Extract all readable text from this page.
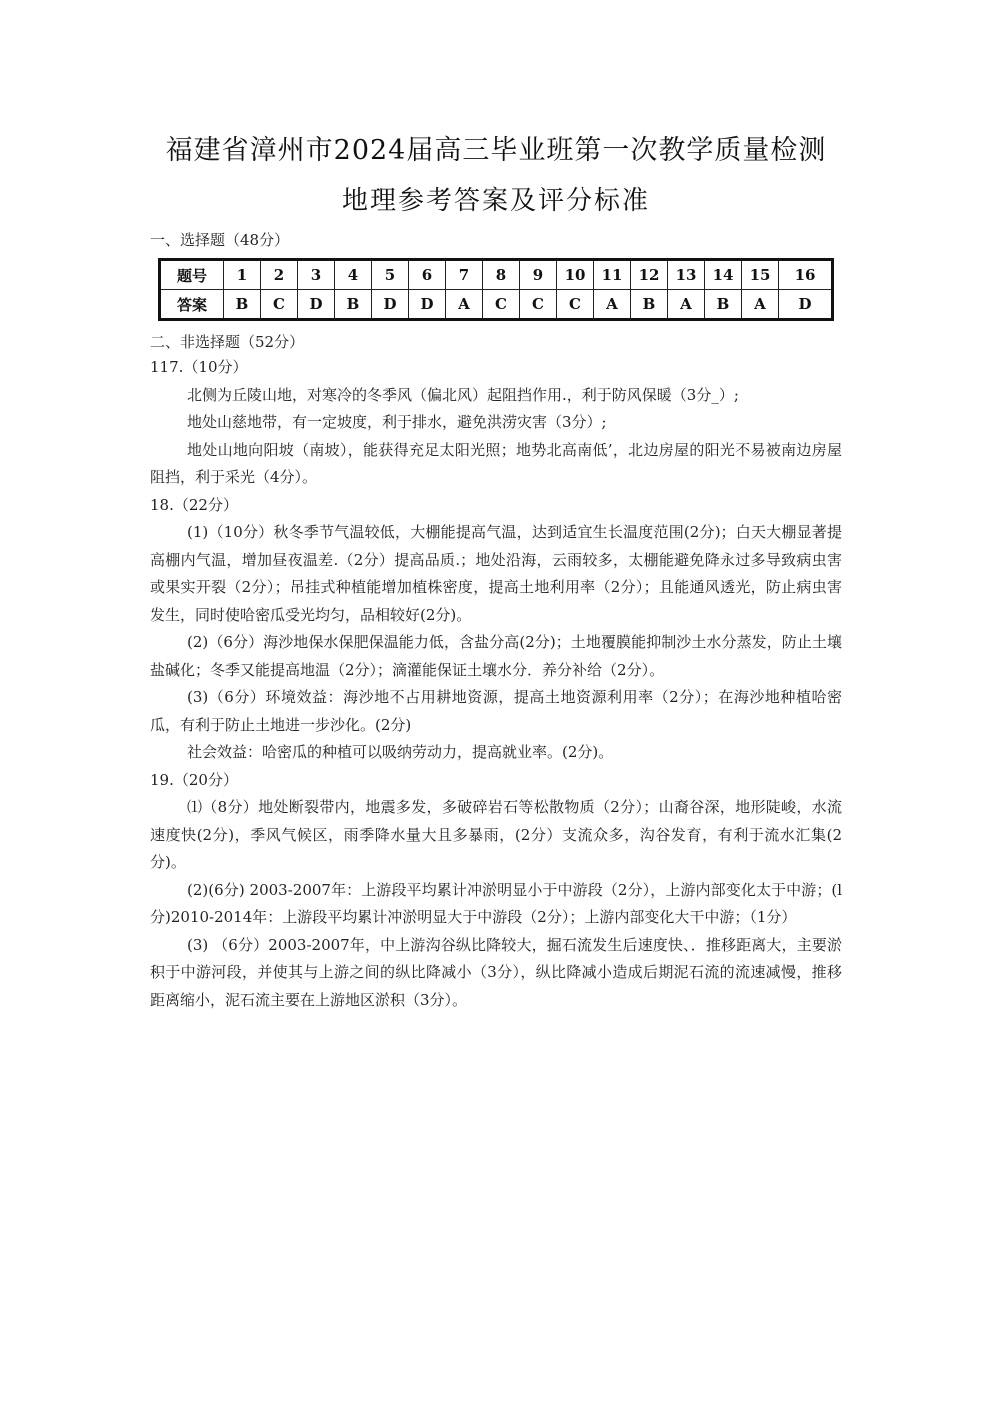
福建省漳州市2024届高三毕业班第一次教学质量检测
地理参考答案及评分标准
一、选择题（48分）
题号	1	2	3	4	5	6	7	8	9	10	11	12	13	14	15	16
答案	B	C	D	B	D	D	A	C	C	C	A	B	A	B	A	D
二、非选择题（52分）

117.（10分）

北侧为丘陵山地，对寒冷的冬季风（偏北风）起阻挡作用.，利于防风保暖（3分_）;

地处山慈地带，有一定坡度，利于排水，避免洪涝灾害（3分）;

地处山地向阳坡（南坡），能获得充足太阳光照；地势北高南低’，北边房屋的阳光不易被南边房屋阻挡，利于采光（4分）。

18.（22分）

(1)（10分）秋冬季节气温较低，大棚能提高气温，达到适宜生长温度范围(2分)；白天大棚显著提高棚内气温，增加昼夜温差.（2分）提高品质.；地处沿海，云雨较多，太棚能避免降永过多导致病虫害或果实开裂（2分）；吊挂式种植能增加植株密度，提高土地利用率（2分）；且能通风透光，防止病虫害发生，同时使哈密瓜受光均匀，品相较好(2分)。

(2)（6分）海沙地保水保肥保温能力低，含盐分高(2分)；土地覆膜能抑制沙土水分蒸发，防止土壤盐碱化；冬季又能提高地温（2分）；滴灌能保证土壤水分．养分补给（2分）。

(3)（6分）环境效益：海沙地不占用耕地资源，提高土地资源利用率（2分）；在海沙地种植哈密瓜，有利于防止土地进一步沙化。(2分)

社会效益：哈密瓜的种植可以吸纳劳动力，提高就业率。(2分)。

19.（20分）

⑴（8分）地处断裂带内，地震多发，多破碎岩石等松散物质（2分）；山裔谷深，地形陡峻，水流速度快(2分)，季风气候区，雨季降水量大且多暴雨，(2分）支流众多，沟谷发育，有利于流水汇集(2分)。

(2)(6分) 2003-2007年：上游段平均累计冲淤明显小于中游段（2分），上游内部变化太于中游；(l分)2010-2014年：上游段平均累计冲淤明显大于中游段（2分）；上游内部变化大干中游；（1分）

(3) （6分）2003-2007年，中上游沟谷纵比降较大，掘石流发生后速度快、．推移距离大，主要淤积于中游河段，并使其与上游之间的纵比降减小（3分），纵比降减小造成后期泥石流的流速减慢，推移距离缩小，泥石流主要在上游地区淤积（3分）。
